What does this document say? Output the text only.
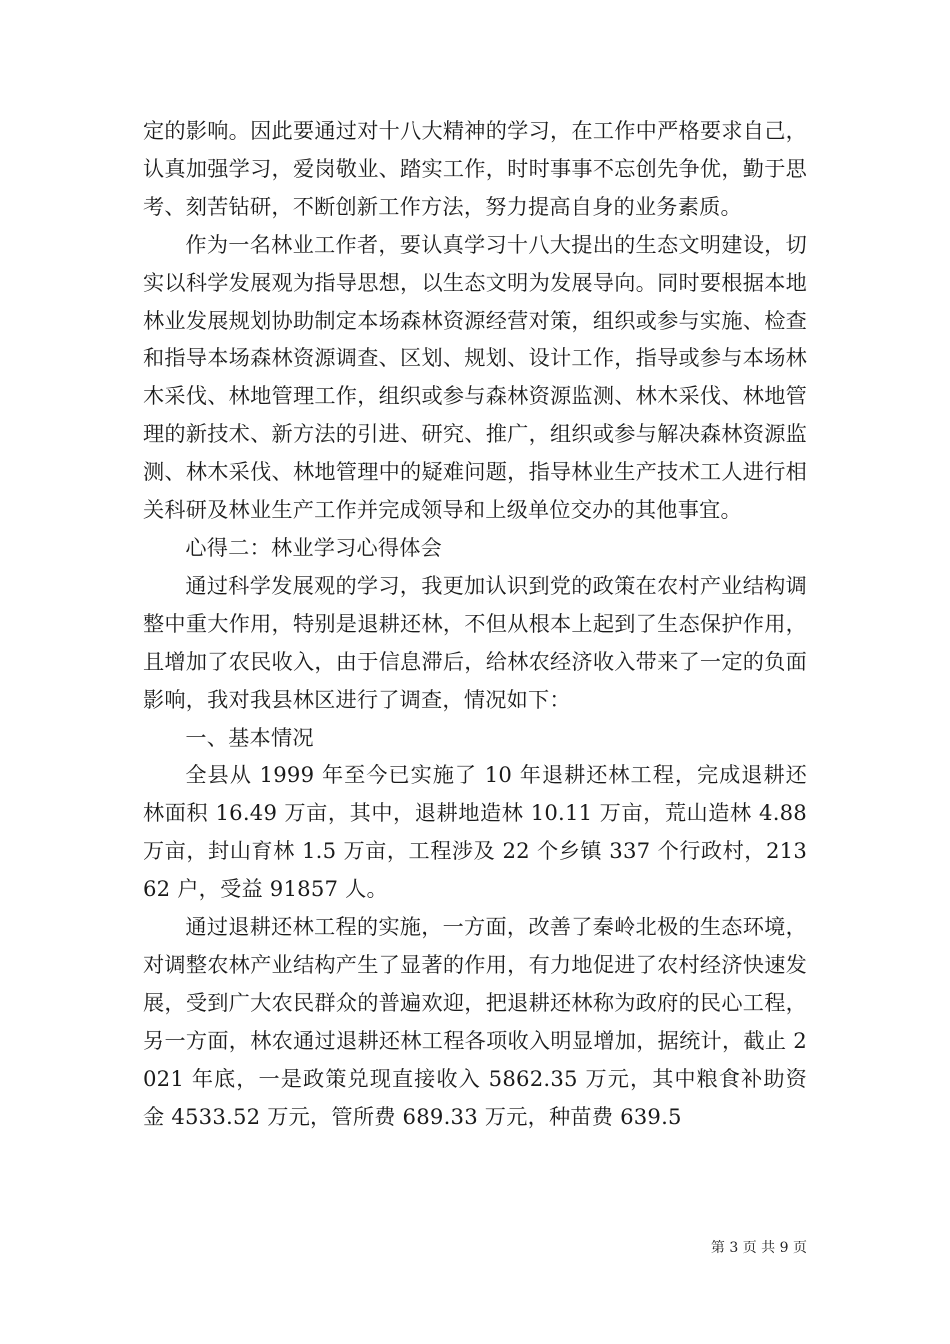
定的影响。因此要通过对十八大精神的学习，在工作中严格要求自己，认真加强学习，爱岗敬业、踏实工作，时时事事不忘创先争优，勤于思考、刻苦钻研，不断创新工作方法，努力提高自身的业务素质。

作为一名林业工作者，要认真学习十八大提出的生态文明建设，切实以科学发展观为指导思想，以生态文明为发展导向。同时要根据本地林业发展规划协助制定本场森林资源经营对策，组织或参与实施、检查和指导本场森林资源调查、区划、规划、设计工作，指导或参与本场林木采伐、林地管理工作，组织或参与森林资源监测、林木采伐、林地管理的新技术、新方法的引进、研究、推广，组织或参与解决森林资源监测、林木采伐、林地管理中的疑难问题，指导林业生产技术工人进行相关科研及林业生产工作并完成领导和上级单位交办的其他事宜。

心得二：林业学习心得体会

通过科学发展观的学习，我更加认识到党的政策在农村产业结构调整中重大作用，特别是退耕还林，不但从根本上起到了生态保护作用，且增加了农民收入，由于信息滞后，给林农经济收入带来了一定的负面影响，我对我县林区进行了调查，情况如下：

一、基本情况

全县从 1999 年至今已实施了 10 年退耕还林工程，完成退耕还林面积 16.49 万亩，其中，退耕地造林 10.11 万亩，荒山造林 4.88 万亩，封山育林 1.5 万亩，工程涉及 22 个乡镇 337 个行政村，21362 户，受益 91857 人。

通过退耕还林工程的实施，一方面，改善了秦岭北极的生态环境，对调整农林产业结构产生了显著的作用，有力地促进了农村经济快速发展，受到广大农民群众的普遍欢迎，把退耕还林称为政府的民心工程，另一方面，林农通过退耕还林工程各项收入明显增加，据统计，截止 2021 年底，一是政策兑现直接收入 5862.35 万元，其中粮食补助资金 4533.52 万元，管所费 689.33 万元，种苗费 639.5

第 3 页 共 9 页
